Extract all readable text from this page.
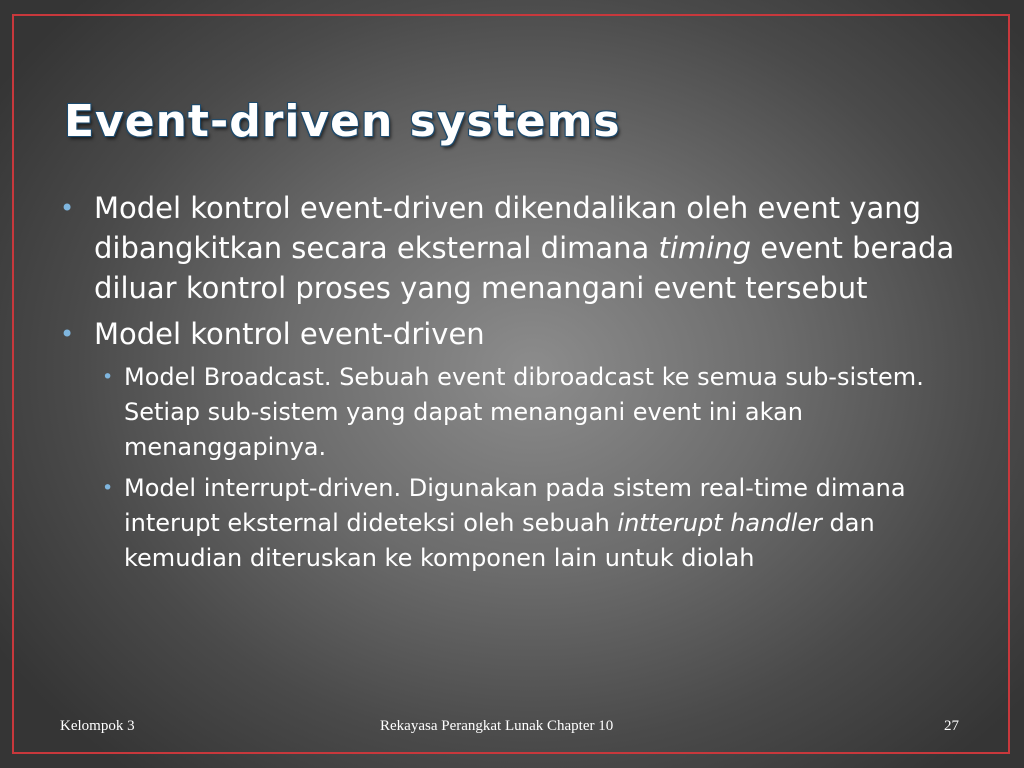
Event-driven systems
• Model kontrol event-driven dikendalikan oleh event yang dibangkitkan secara eksternal dimana timing event berada diluar kontrol proses yang menangani event tersebut
• Model kontrol event-driven
• Model Broadcast. Sebuah event dibroadcast ke semua sub-sistem. Setiap sub-sistem yang dapat menangani event ini akan menanggapinya.
• Model interrupt-driven. Digunakan pada sistem real-time dimana interupt eksternal dideteksi oleh sebuah intterupt handler dan kemudian diteruskan ke komponen lain untuk diolah
Kelompok 3	Rekayasa Perangkat Lunak Chapter 10	27
